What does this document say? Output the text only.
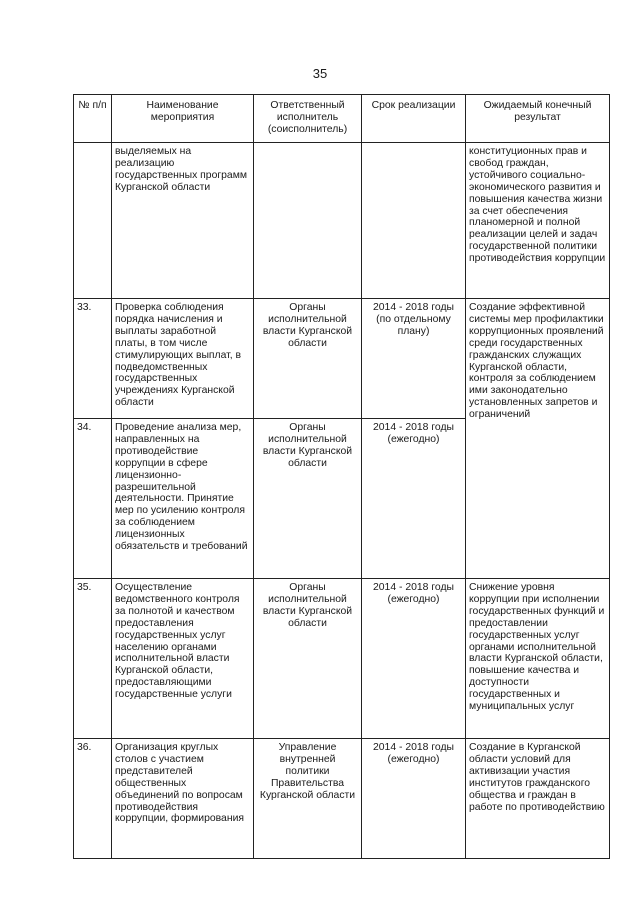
35
№ п/п	Наименование мероприятия	Ответственный исполнитель (соисполнитель)	Срок реализации	Ожидаемый конечный результат
	выделяемых на реализацию государственных программ Курганской области			конституционных прав и свобод граждан, устойчивого социально-экономического развития и повышения качества жизни за счет обеспечения планомерной и полной реализации целей и задач государственной политики противодействия коррупции
33.	Проверка соблюдения порядка начисления и выплаты заработной платы, в том числе стимулирующих выплат, в подведомственных государственных учреждениях Курганской области	Органы исполнительной власти Курганской области	2014 - 2018 годы (по отдельному плану)	Создание эффективной системы мер профилактики коррупционных проявлений среди государственных гражданских служащих Курганской области, контроля за соблюдением ими законодательно установленных запретов и ограничений
34.	Проведение анализа мер, направленных на противодействие коррупции в сфере лицензионно-разрешительной деятельности. Принятие мер по усилению контроля за соблюдением лицензионных обязательств и требований	Органы исполнительной власти Курганской области	2014 - 2018 годы (ежегодно)	
35.	Осуществление ведомственного контроля за полнотой и качеством предоставления государственных услуг населению органами исполнительной власти Курганской области, предоставляющими государственные услуги	Органы исполнительной власти Курганской области	2014 - 2018 годы (ежегодно)	Снижение уровня коррупции при исполнении государственных функций и предоставлении государственных услуг органами исполнительной власти Курганской области, повышение качества и доступности государственных и муниципальных услуг
36.	Организация круглых столов с участием представителей общественных объединений по вопросам противодействия коррупции, формирования	Управление внутренней политики Правительства Курганской области	2014 - 2018 годы (ежегодно)	Создание в Курганской области условий для активизации участия институтов гражданского общества и граждан в работе по противодействию
